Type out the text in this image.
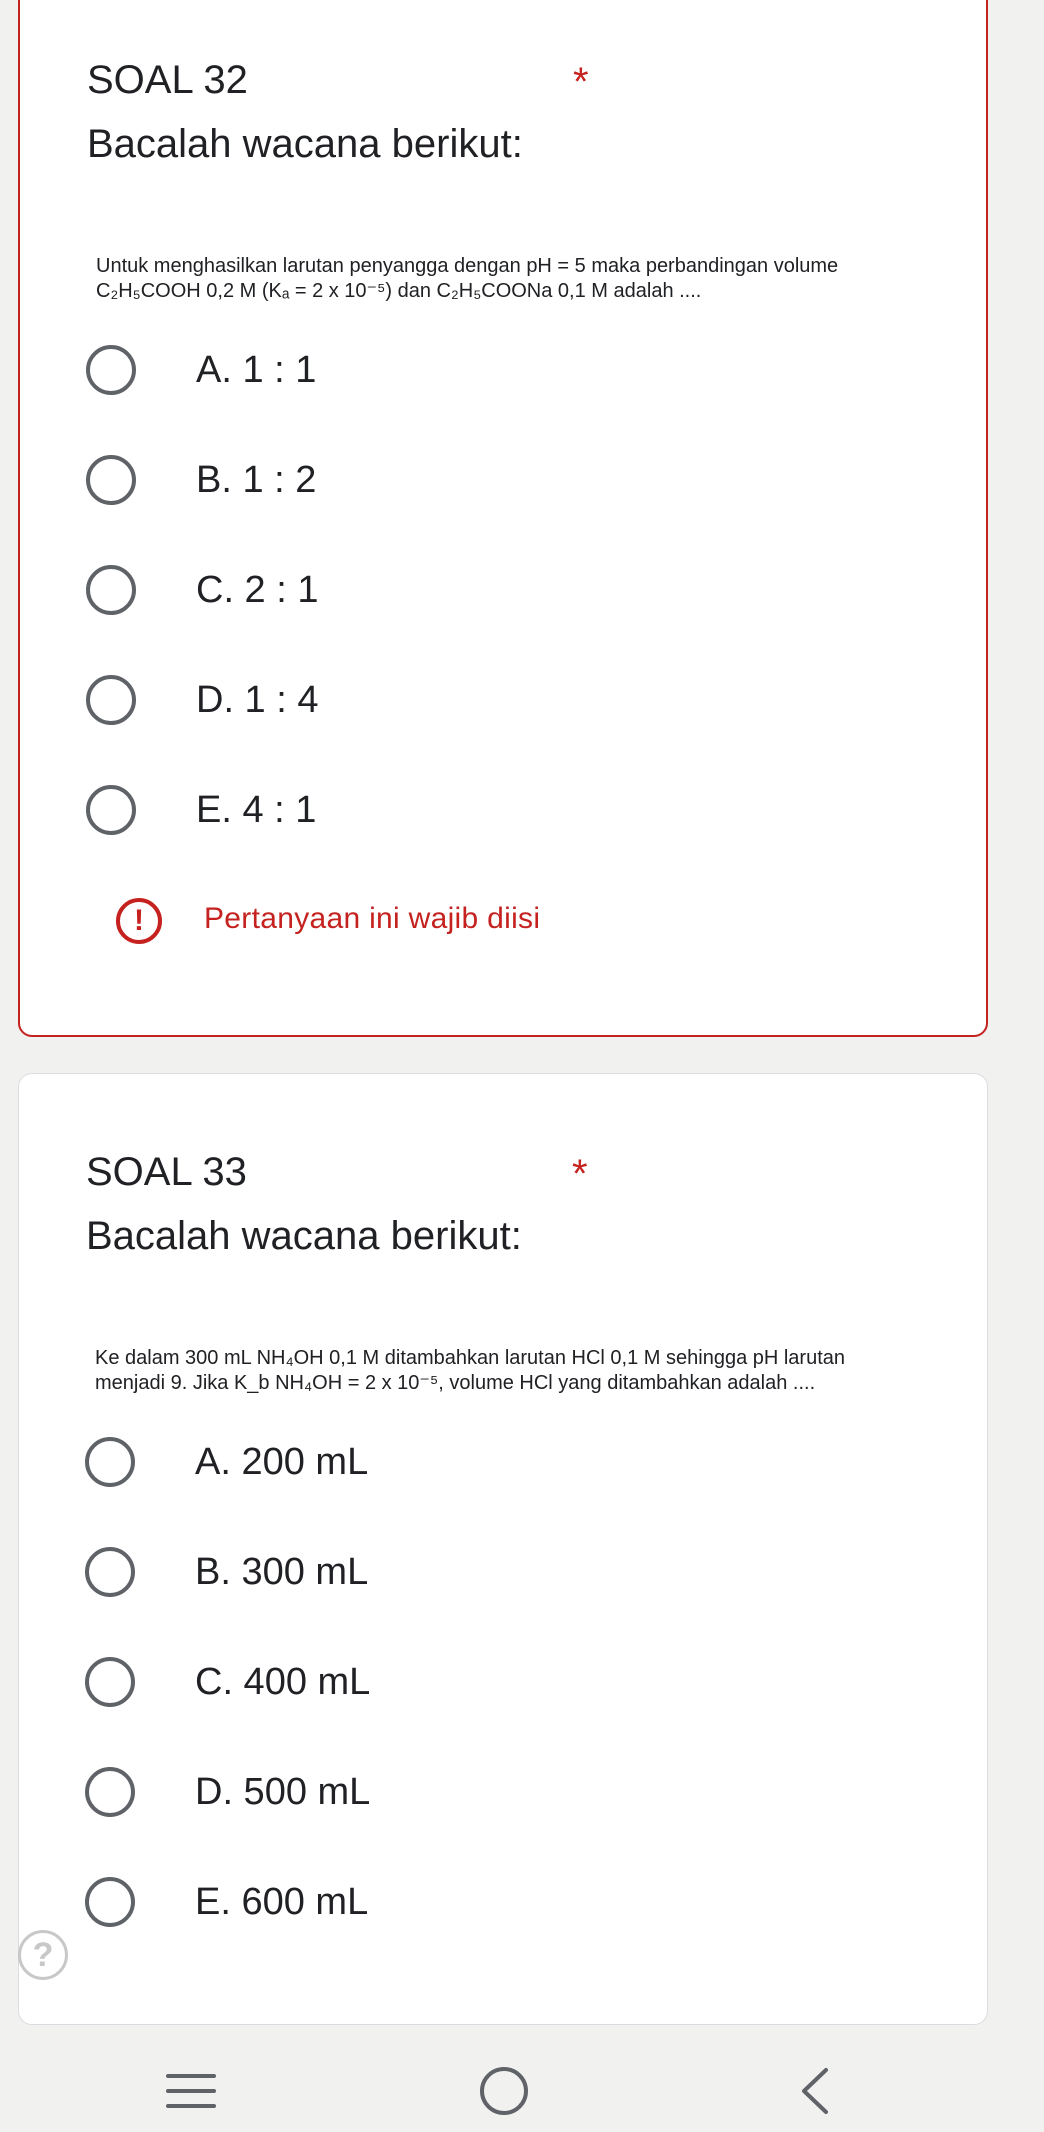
SOAL 32	*
Bacalah wacana berikut:
Untuk menghasilkan larutan penyangga dengan pH = 5 maka perbandingan volume
C₂H₅COOH 0,2 M (Kₐ = 2 x 10⁻⁵) dan C₂H₅COONa 0,1 M adalah ....
A. 1 : 1
B. 1 : 2
C. 2 : 1
D. 1 : 4
E. 4 : 1
!	Pertanyaan ini wajib diisi
SOAL 33	*
Bacalah wacana berikut:
Ke dalam 300 mL NH₄OH 0,1 M ditambahkan larutan HCl 0,1 M sehingga pH larutan
menjadi 9. Jika K_b NH₄OH = 2 x 10⁻⁵, volume HCl yang ditambahkan adalah ....
A. 200 mL
B. 300 mL
C. 400 mL
D. 500 mL
E. 600 mL
?
